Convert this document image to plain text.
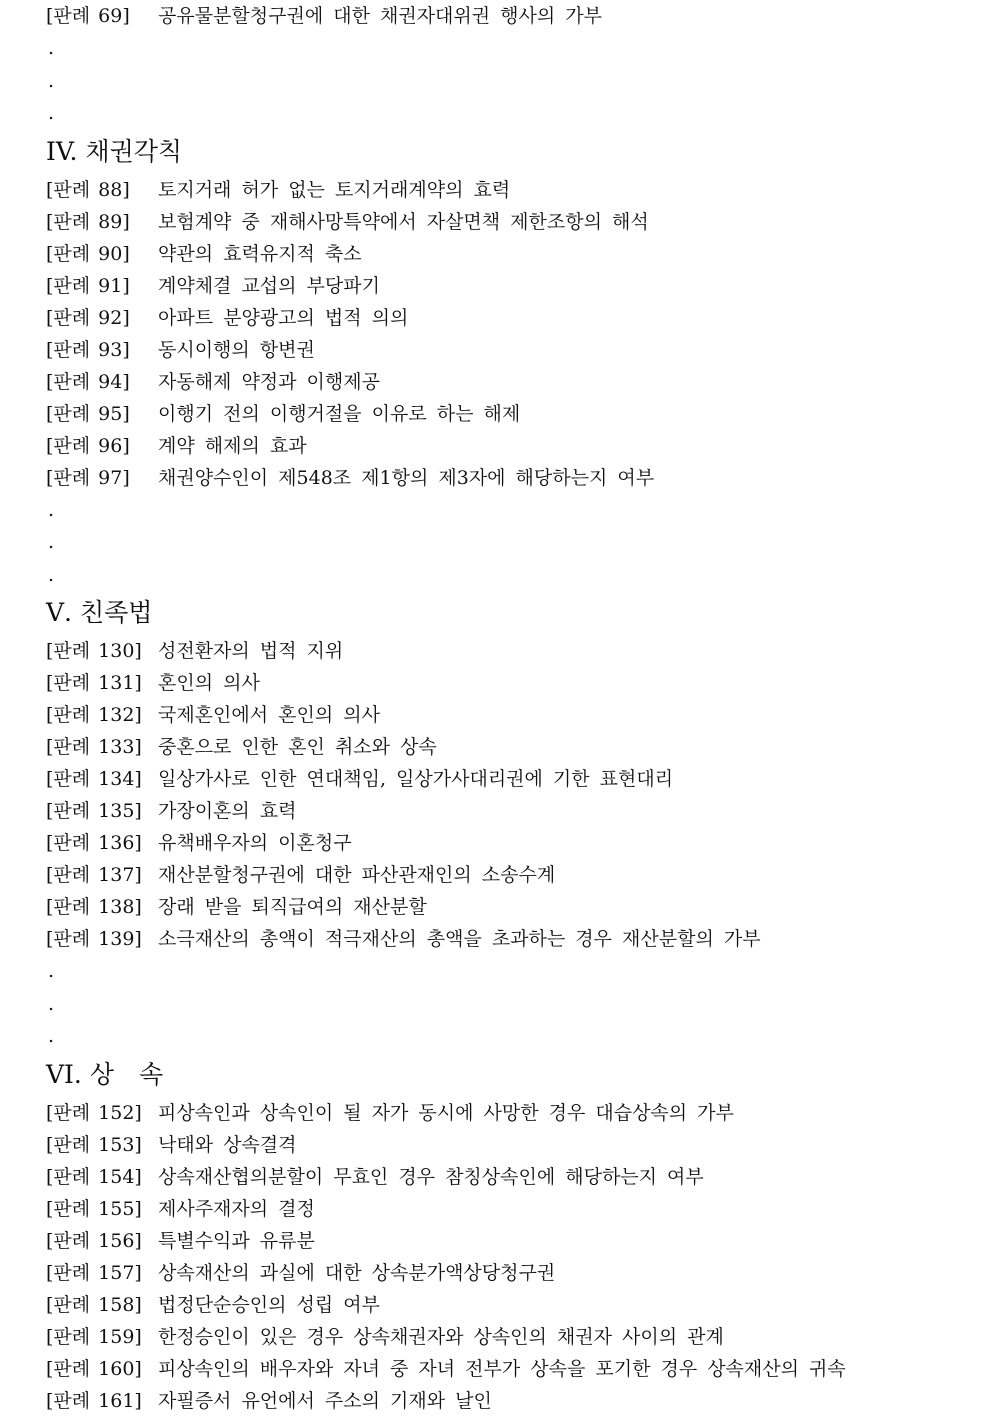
[판례 69] 공유물분할청구권에 대한 채권자대위권 행사의 가부
.
.
.
IV. 채권각칙
[판례 88] 토지거래 허가 없는 토지거래계약의 효력
[판례 89] 보험계약 중 재해사망특약에서 자살면책 제한조항의 해석
[판례 90] 약관의 효력유지적 축소
[판례 91] 계약체결 교섭의 부당파기
[판례 92] 아파트 분양광고의 법적 의의
[판례 93] 동시이행의 항변권
[판례 94] 자동해제 약정과 이행제공
[판례 95] 이행기 전의 이행거절을 이유로 하는 해제
[판례 96] 계약 해제의 효과
[판례 97] 채권양수인이 제548조 제1항의 제3자에 해당하는지 여부
.
.
.
Ⅴ. 친족법
[판례 130] 성전환자의 법적 지위
[판례 131] 혼인의 의사
[판례 132] 국제혼인에서 혼인의 의사
[판례 133] 중혼으로 인한 혼인 취소와 상속
[판례 134] 일상가사로 인한 연대책임, 일상가사대리권에 기한 표현대리
[판례 135] 가장이혼의 효력
[판례 136] 유책배우자의 이혼청구
[판례 137] 재산분할청구권에 대한 파산관재인의 소송수계
[판례 138] 장래 받을 퇴직급여의 재산분할
[판례 139] 소극재산의 총액이 적극재산의 총액을 초과하는 경우 재산분할의 가부
.
.
.
VI. 상　속
[판례 152] 피상속인과 상속인이 될 자가 동시에 사망한 경우 대습상속의 가부
[판례 153] 낙태와 상속결격
[판례 154] 상속재산협의분할이 무효인 경우 참칭상속인에 해당하는지 여부
[판례 155] 제사주재자의 결정
[판례 156] 특별수익과 유류분
[판례 157] 상속재산의 과실에 대한 상속분가액상당청구권
[판례 158] 법정단순승인의 성립 여부
[판례 159] 한정승인이 있은 경우 상속채권자와 상속인의 채권자 사이의 관계
[판례 160] 피상속인의 배우자와 자녀 중 자녀 전부가 상속을 포기한 경우 상속재산의 귀속
[판례 161] 자필증서 유언에서 주소의 기재와 날인
